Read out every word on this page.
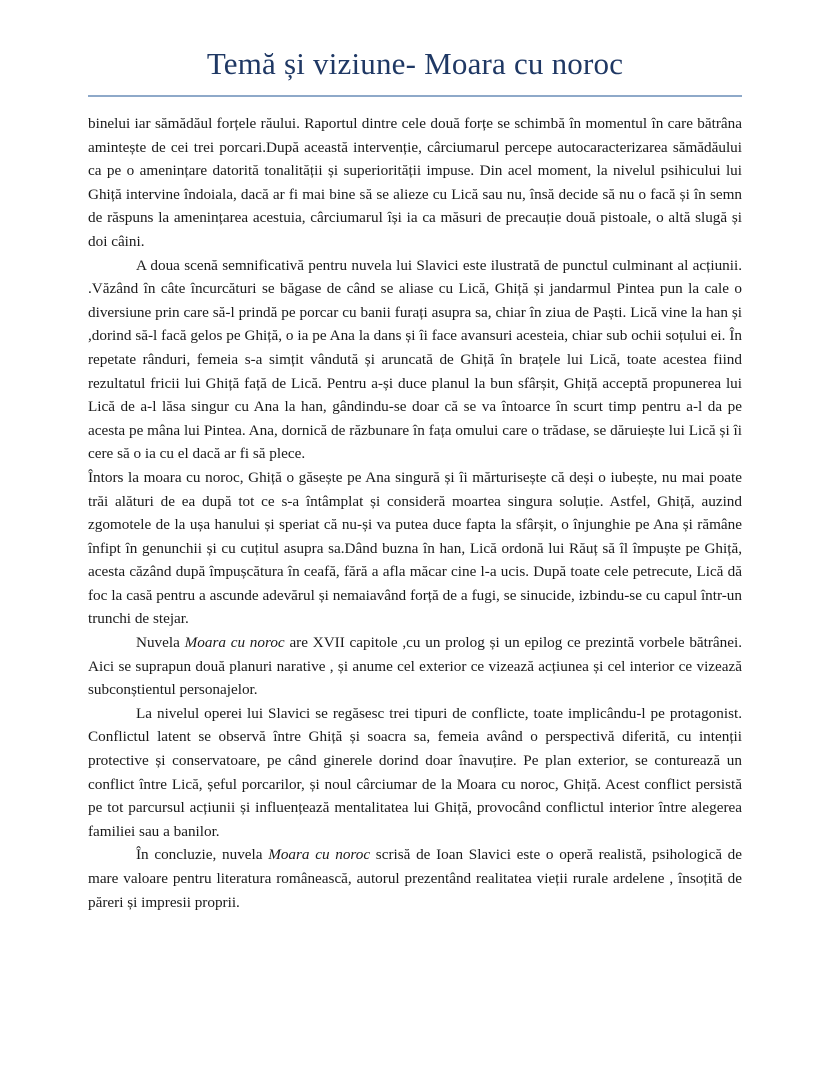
Temă și viziune- Moara cu noroc

binelui iar sămădăul forțele răului. Raportul dintre cele două forțe se schimbă în momentul în care bătrâna amintește de cei trei porcari.După această intervenție, cârciumarul percepe autocaracterizarea sămădăului ca pe o amenințare datorită tonalității și superiorității impuse. Din acel moment, la nivelul psihicului lui Ghiță intervine îndoiala, dacă ar fi mai bine să se alieze cu Lică sau nu, însă decide să nu o facă și în semn de răspuns la amenințarea acestuia, cârciumarul își ia ca măsuri de precauție două pistoale, o altă slugă și doi câini.

A doua scenă semnificativă pentru nuvela lui Slavici este ilustrată de punctul culminant al acțiunii. .Văzând în câte încurcături se băgase de când se aliase cu Lică, Ghiță și jandarmul Pintea pun la cale o diversiune prin care să-l prindă pe porcar cu banii furați asupra sa, chiar în ziua de Paști. Lică vine la han și ,dorind să-l facă gelos pe Ghiță, o ia pe Ana la dans și îi face avansuri acesteia, chiar sub ochii soțului ei. În repetate rânduri, femeia s-a simțit vândută și aruncată de Ghiță în brațele lui Lică, toate acestea fiind rezultatul fricii lui Ghiță față de Lică. Pentru a-și duce planul la bun sfârșit, Ghiță acceptă propunerea lui Lică de a-l lăsa singur cu Ana la han, gândindu-se doar că se va întoarce în scurt timp pentru a-l da pe acesta pe mâna lui Pintea. Ana, dornică de răzbunare în fața omului care o trădase, se dăruiește lui Lică și îi cere să o ia cu el dacă ar fi să plece.

Întors la moara cu noroc, Ghiță o găsește pe Ana singură și îi mărturisește că deși o iubește, nu mai poate trăi alături de ea după tot ce s-a întâmplat și consideră moartea singura soluție. Astfel, Ghiță, auzind zgomotele de la ușa hanului și speriat că nu-și va putea duce fapta la sfârșit, o înjunghie pe Ana și rămâne înfipt în genunchii și cu cuțitul asupra sa.Dând buzna în han, Lică ordonă lui Răuț să îl împuște pe Ghiță, acesta căzând după împușcătura în ceafă, fără a afla măcar cine l-a ucis. După toate cele petrecute, Lică dă foc la casă pentru a ascunde adevărul și nemaiavând forță de a fugi, se sinucide, izbindu-se cu capul într-un trunchi de stejar.

Nuvela Moara cu noroc are XVII capitole ,cu un prolog și un epilog ce prezintă vorbele bătrânei. Aici se suprapun două planuri narative , și anume cel exterior ce vizează acțiunea și cel interior ce vizează subconștientul personajelor.

La nivelul operei lui Slavici se regăsesc trei tipuri de conflicte, toate implicându-l pe protagonist. Conflictul latent se observă între Ghiță și soacra sa, femeia având o perspectivă diferită, cu intenții protective și conservatoare, pe când ginerele dorind doar înavuțire. Pe plan exterior, se conturează un conflict între Lică, șeful porcarilor, și noul cârciumar de la Moara cu noroc, Ghiță. Acest conflict persistă pe tot parcursul acțiunii și influențează mentalitatea lui Ghiță, provocând conflictul interior între alegerea familiei sau a banilor.

În concluzie, nuvela Moara cu noroc scrisă de Ioan Slavici este o operă realistă, psihologică de mare valoare pentru literatura românească, autorul prezentând realitatea vieții rurale ardelene , însoțită de păreri și impresii proprii.
